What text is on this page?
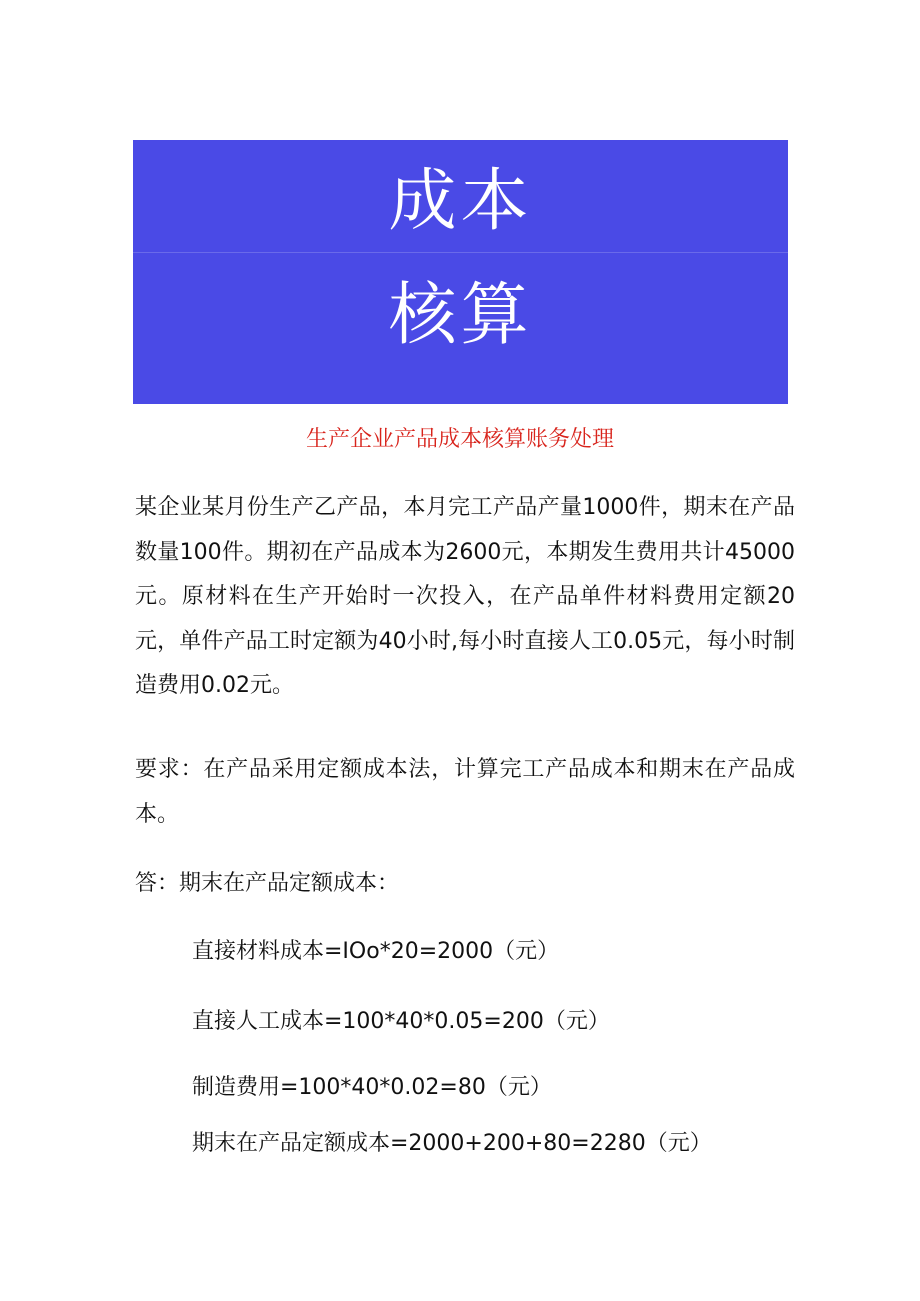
成本
核算
生产企业产品成本核算账务处理

某企业某月份生产乙产品，本月完工产品产量1000件，期末在产品数量100件。期初在产品成本为2600元，本期发生费用共计45000元。原材料在生产开始时一次投入，在产品单件材料费用定额20元，单件产品工时定额为40小时,每小时直接人工0.05元，每小时制造费用0.02元。

要求：在产品采用定额成本法，计算完工产品成本和期末在产品成本。

答：期末在产品定额成本：

直接材料成本=IOo*20=2000（元）

直接人工成本=100*40*0.05=200（元）

制造费用=100*40*0.02=80（元）

期末在产品定额成本=2000+200+80=2280（元）
